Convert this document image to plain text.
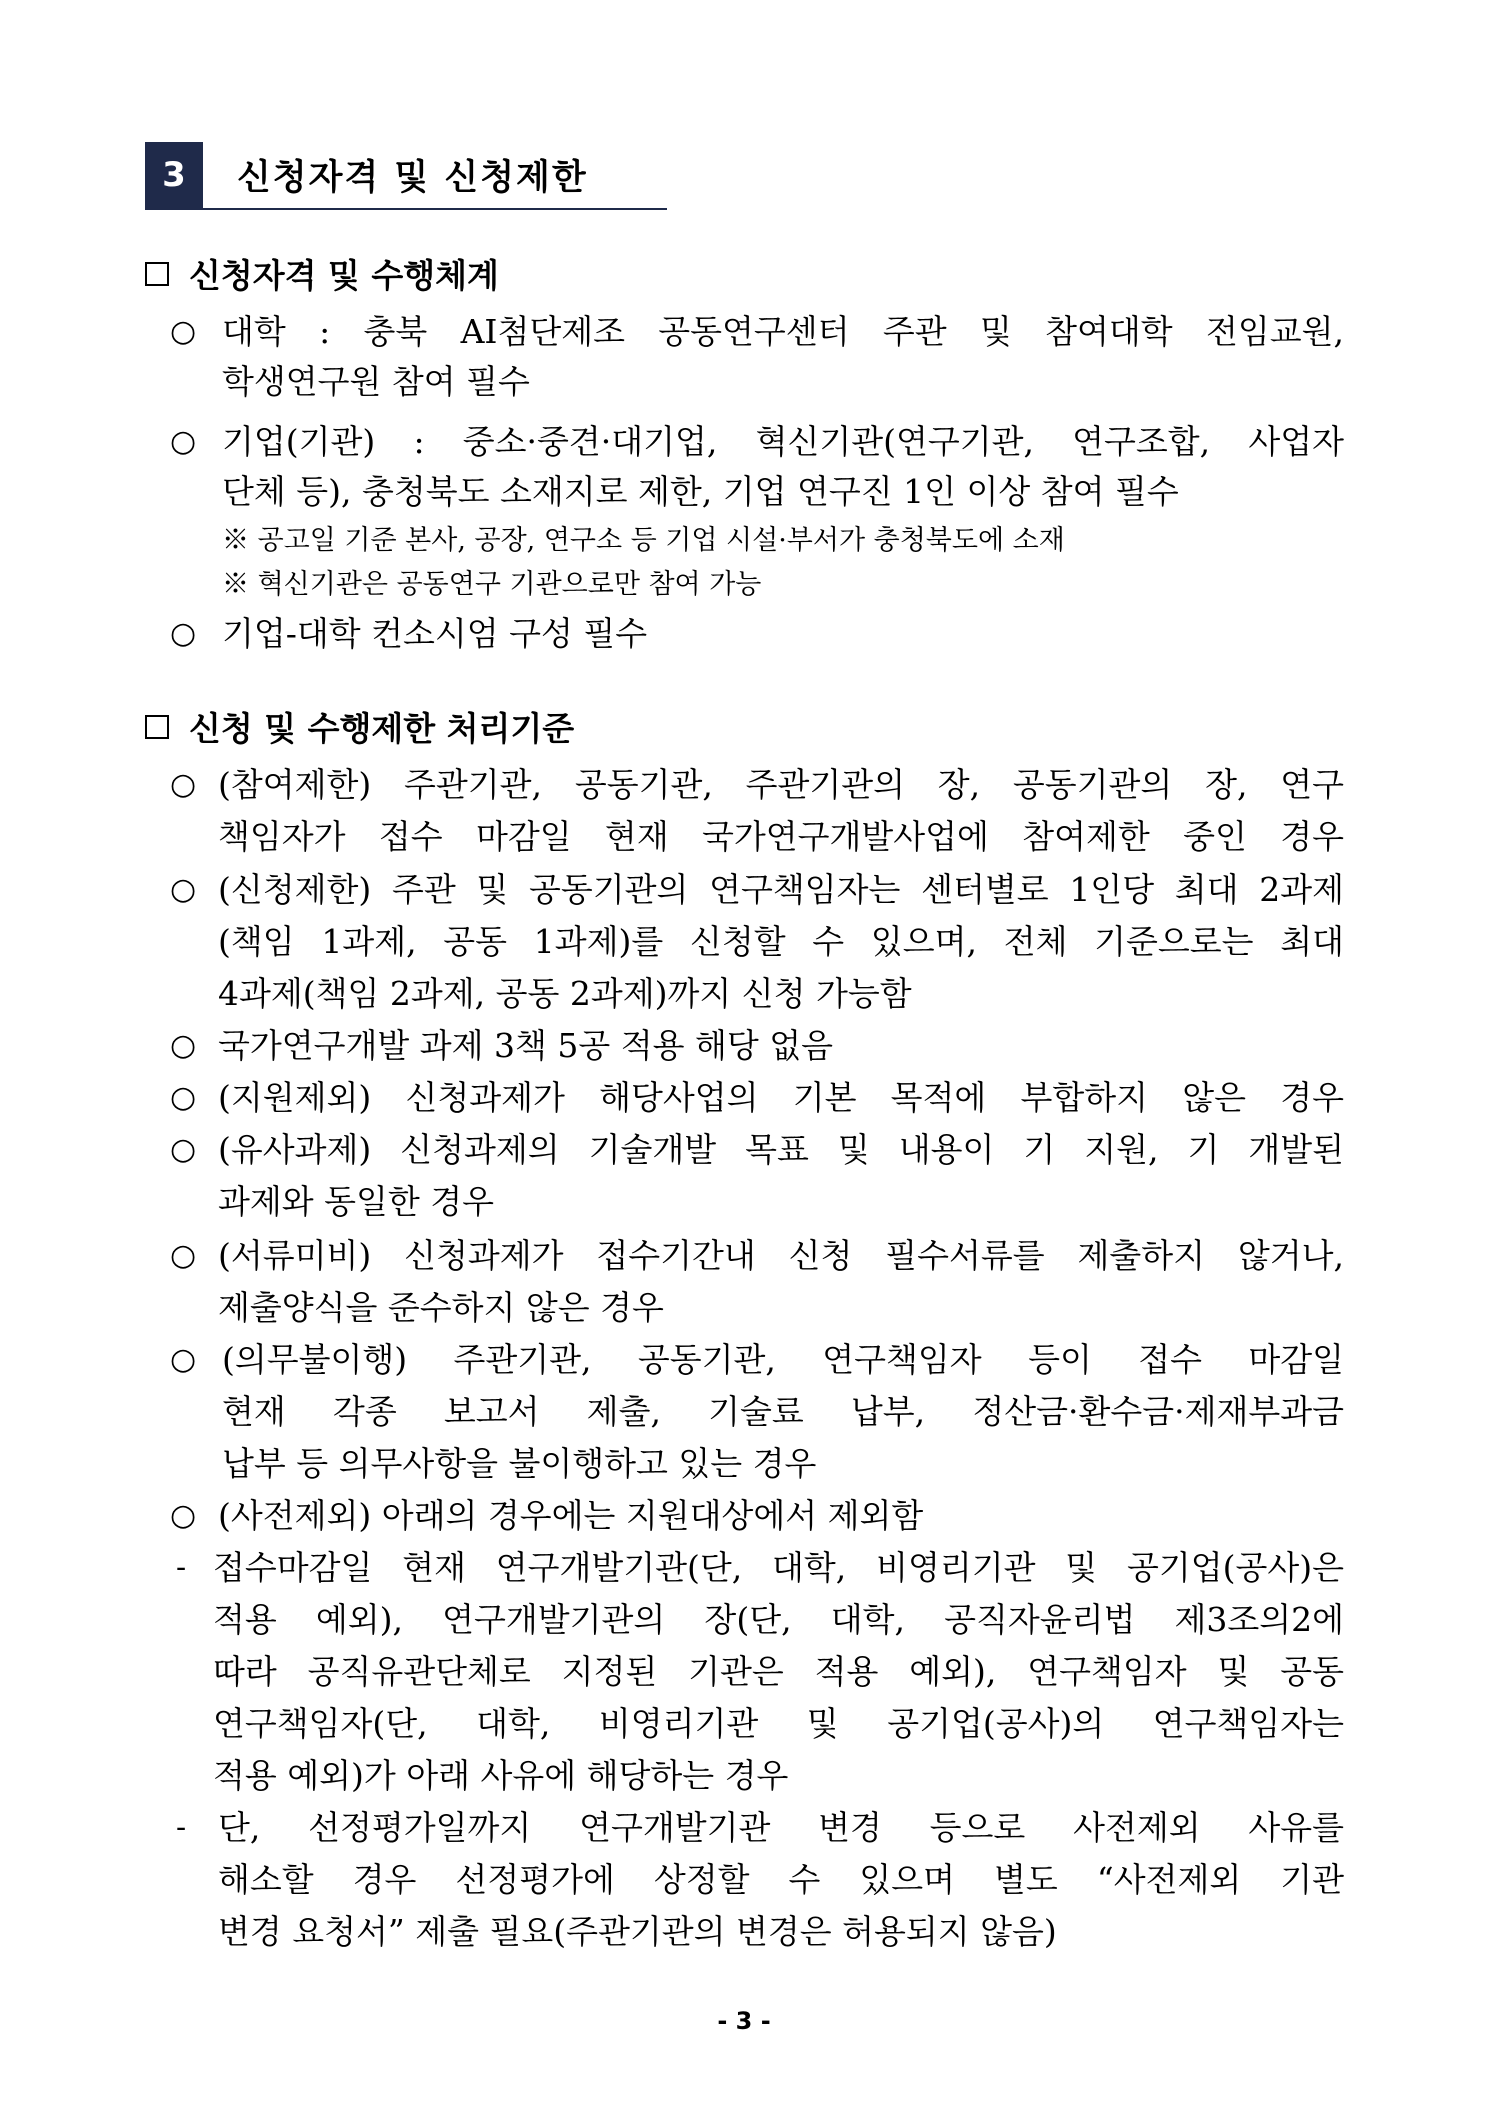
3	신청자격 및 신청제한
신청자격 및 수행체계
○ 대학 : 충북 AI첨단제조 공동연구센터 주관 및 참여대학 전임교원,
학생연구원 참여 필수
○ 기업(기관) : 중소·중견·대기업, 혁신기관(연구기관, 연구조합, 사업자
단체 등), 충청북도 소재지로 제한, 기업 연구진 1인 이상 참여 필수
※ 공고일 기준 본사, 공장, 연구소 등 기업 시설·부서가 충청북도에 소재
※ 혁신기관은 공동연구 기관으로만 참여 가능
○ 기업-대학 컨소시엄 구성 필수
신청 및 수행제한 처리기준
○ (참여제한) 주관기관, 공동기관, 주관기관의 장, 공동기관의 장, 연구
책임자가 접수 마감일 현재 국가연구개발사업에 참여제한 중인 경우
○ (신청제한) 주관 및 공동기관의 연구책임자는 센터별로 1인당 최대 2과제
(책임 1과제, 공동 1과제)를 신청할 수 있으며, 전체 기준으로는 최대
4과제(책임 2과제, 공동 2과제)까지 신청 가능함
○ 국가연구개발 과제 3책 5공 적용 해당 없음
○ (지원제외) 신청과제가 해당사업의 기본 목적에 부합하지 않은 경우
○ (유사과제) 신청과제의 기술개발 목표 및 내용이 기 지원, 기 개발된
과제와 동일한 경우
○ (서류미비) 신청과제가 접수기간내 신청 필수서류를 제출하지 않거나,
제출양식을 준수하지 않은 경우
○ (의무불이행) 주관기관, 공동기관, 연구책임자 등이 접수 마감일
현재 각종 보고서 제출, 기술료 납부, 정산금·환수금·제재부과금
납부 등 의무사항을 불이행하고 있는 경우
○ (사전제외) 아래의 경우에는 지원대상에서 제외함
- 접수마감일 현재 연구개발기관(단, 대학, 비영리기관 및 공기업(공사)은
적용 예외), 연구개발기관의 장(단, 대학, 공직자윤리법 제3조의2에
따라 공직유관단체로 지정된 기관은 적용 예외), 연구책임자 및 공동
연구책임자(단, 대학, 비영리기관 및 공기업(공사)의 연구책임자는
적용 예외)가 아래 사유에 해당하는 경우
- 단, 선정평가일까지 연구개발기관 변경 등으로 사전제외 사유를
해소할 경우 선정평가에 상정할 수 있으며 별도 “사전제외 기관
변경 요청서” 제출 필요(주관기관의 변경은 허용되지 않음)
- 3 -
